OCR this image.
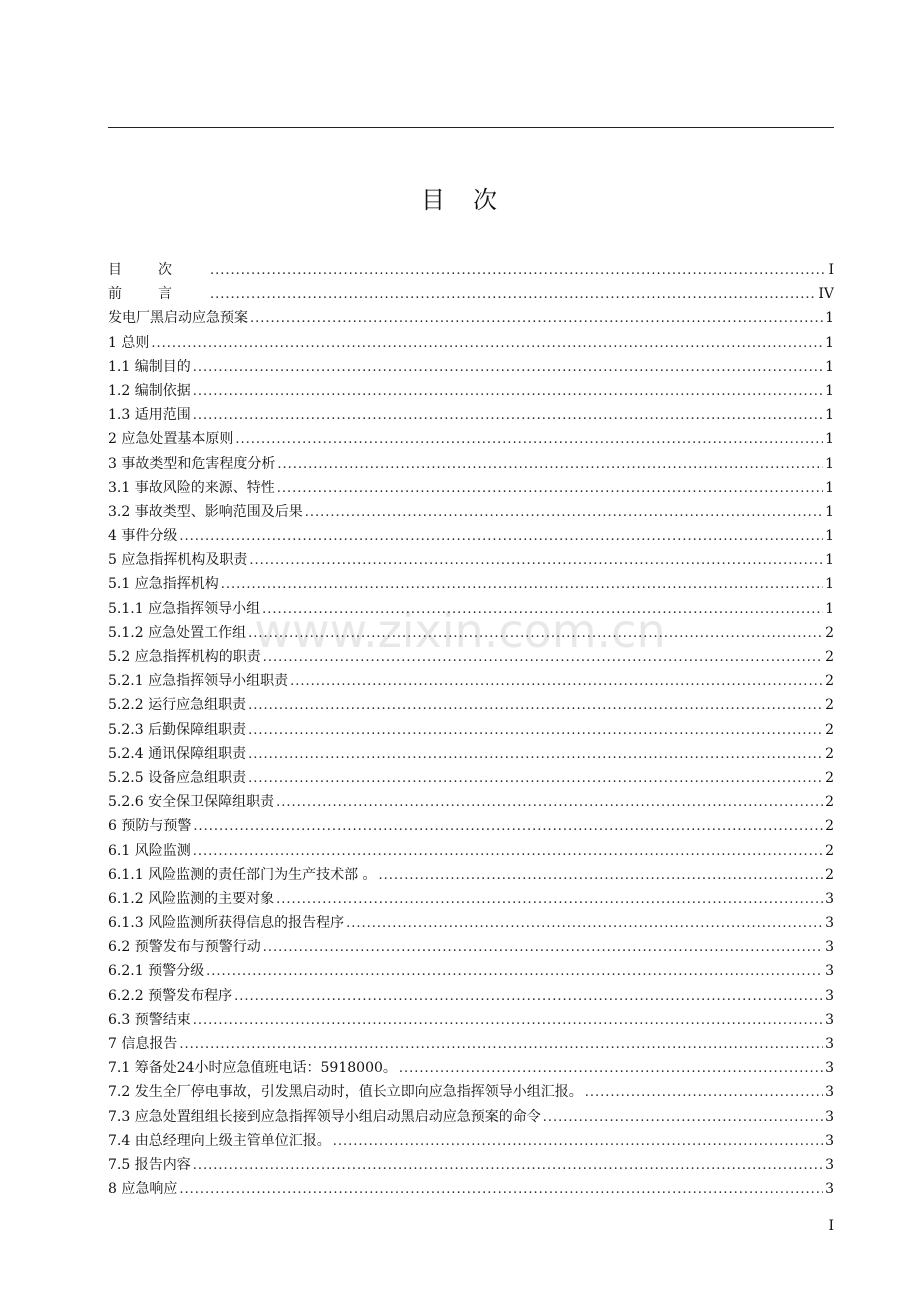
目　次
www.zixin.com.cn
目次 .....	I
前言 .....	IV
发电厂黑启动应急预案 .....	1
1 总则 .....	1
1.1 编制目的 .....	1
1.2 编制依据 .....	1
1.3 适用范围 .....	1
2 应急处置基本原则 .....	1
3 事故类型和危害程度分析 .....	1
3.1 事故风险的来源、特性 .....	1
3.2 事故类型、影响范围及后果 .....	1
4 事件分级 .....	1
5 应急指挥机构及职责 .....	1
5.1 应急指挥机构 .....	1
5.1.1 应急指挥领导小组 .....	1
5.1.2 应急处置工作组 .....	2
5.2 应急指挥机构的职责 .....	2
5.2.1 应急指挥领导小组职责 .....	2
5.2.2 运行应急组职责 .....	2
5.2.3 后勤保障组职责 .....	2
5.2.4 通讯保障组职责 .....	2
5.2.5 设备应急组职责 .....	2
5.2.6 安全保卫保障组职责 .....	2
6 预防与预警 .....	2
6.1 风险监测 .....	2
6.1.1 风险监测的责任部门为生产技术部 。 .....	2
6.1.2 风险监测的主要对象 .....	3
6.1.3 风险监测所获得信息的报告程序 .....	3
6.2 预警发布与预警行动 .....	3
6.2.1 预警分级 .....	3
6.2.2 预警发布程序 .....	3
6.3 预警结束 .....	3
7 信息报告 .....	3
7.1 筹备处24小时应急值班电话：5918000。 .....	3
7.2 发生全厂停电事故，引发黑启动时，值长立即向应急指挥领导小组汇报。 .....	3
7.3 应急处置组组长接到应急指挥领导小组启动黑启动应急预案的命令 .....	3
7.4 由总经理向上级主管单位汇报。 .....	3
7.5 报告内容 .....	3
8 应急响应 .....	3
I
